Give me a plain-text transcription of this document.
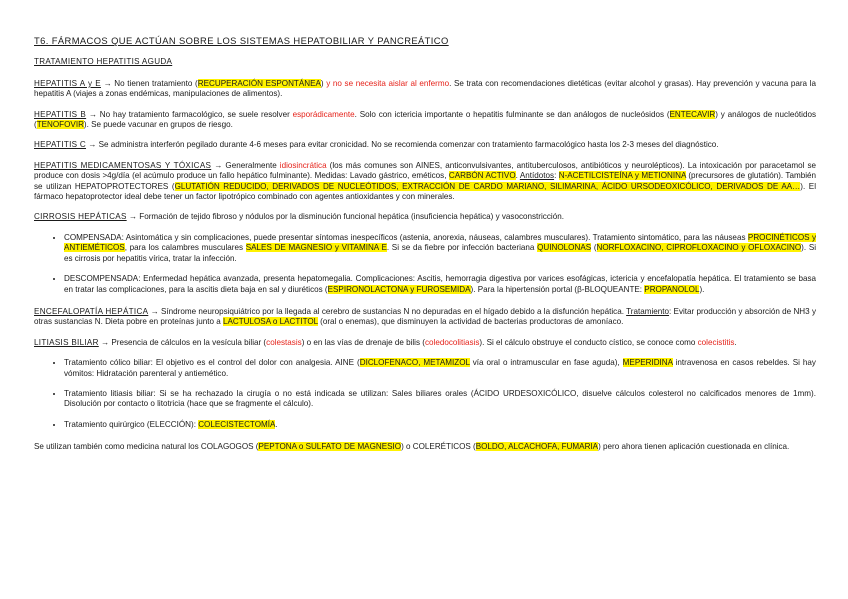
T6. FÁRMACOS QUE ACTÚAN SOBRE LOS SISTEMAS HEPATOBILIAR Y PANCREÁTICO
TRATAMIENTO HEPATITIS AGUDA

HEPATITIS A y E → No tienen tratamiento (RECUPERACIÓN ESPONTÁNEA) y no se necesita aislar al enfermo. Se trata con recomendaciones dietéticas (evitar alcohol y grasas). Hay prevención y vacuna para la hepatitis A (viajes a zonas endémicas, manipulaciones de alimentos).

HEPATITIS B → No hay tratamiento farmacológico, se suele resolver esporádicamente. Solo con ictericia importante o hepatitis fulminante se dan análogos de nucleósidos (ENTECAVIR) y análogos de nucleótidos (TENOFOVIR). Se puede vacunar en grupos de riesgo.

HEPATITIS C → Se administra interferón pegilado durante 4-6 meses para evitar cronicidad. No se recomienda comenzar con tratamiento farmacológico hasta los 2-3 meses del diagnóstico.

HEPATITIS MEDICAMENTOSAS Y TÓXICAS → Generalmente idiosincrática (los más comunes son AINES, anticonvulsivantes, antituberculosos, antibióticos y neurolépticos). La intoxicación por paracetamol se produce con dosis >4g/día (el acúmulo produce un fallo hepático fulminante). Medidas: Lavado gástrico, eméticos, CARBÓN ACTIVO. Antídotos: N-ACETILCISTEÍNA y METIONINA (precursores de glutatión). También se utilizan HEPATOPROTECTORES (GLUTATIÓN REDUCIDO, DERIVADOS DE NUCLEÓTIDOS, EXTRACCIÓN DE CARDO MARIANO, SILIMARINA, ÁCIDO URSODEOXICÓLICO, DERIVADOS DE AA…). El fármaco hepatoprotector ideal debe tener un factor lipotrópico combinado con agentes antioxidantes y con minerales.

CIRROSIS HEPÁTICAS → Formación de tejido fibroso y nódulos por la disminución funcional hepática (insuficiencia hepática) y vasoconstricción.

• COMPENSADA: Asintomática y sin complicaciones, puede presentar síntomas inespecíficos (astenia, anorexia, náuseas, calambres musculares). Tratamiento sintomático, para las náuseas PROCINÉTICOS y ANTIEMÉTICOS, para los calambres musculares SALES DE MAGNESIO y VITAMINA E. Si se da fiebre por infección bacteriana QUINOLONAS (NORFLOXACINO, CIPROFLOXACINO y OFLOXACINO). Si es cirrosis por hepatitis vírica, tratar la infección.
• DESCOMPENSADA: Enfermedad hepática avanzada, presenta hepatomegalia. Complicaciones: Ascitis, hemorragia digestiva por varices esofágicas, ictericia y encefalopatía hepática. El tratamiento se basa en tratar las complicaciones, para la ascitis dieta baja en sal y diuréticos (ESPIRONOLACTONA y FUROSEMIDA). Para la hipertensión portal (β-BLOQUEANTE: PROPANOLOL).

ENCEFALOPATÍA HEPÁTICA → Síndrome neuropsiquiátrico por la llegada al cerebro de sustancias N no depuradas en el hígado debido a la disfunción hepática. Tratamiento: Evitar producción y absorción de NH3 y otras sustancias N. Dieta pobre en proteínas junto a LACTULOSA o LACTITOL (oral o enemas), que disminuyen la actividad de bacterias productoras de amoníaco.

LITIASIS BILIAR → Presencia de cálculos en la vesícula biliar (colestasis) o en las vías de drenaje de bilis (coledocolitiasis). Si el cálculo obstruye el conducto cístico, se conoce como colecistitis.

• Tratamiento cólico biliar: El objetivo es el control del dolor con analgesia. AINE (DICLOFENACO, METAMIZOL vía oral o intramuscular en fase aguda), MEPERIDINA intravenosa en casos rebeldes. Si hay vómitos: Hidratación parenteral y antiemético.
• Tratamiento litiasis biliar: Si se ha rechazado la cirugía o no está indicada se utilizan: Sales biliares orales (ÁCIDO URDESOXICÓLICO, disuelve cálculos colesterol no calcificados menores de 1mm). Disolución por contacto o litotricia (hace que se fragmente el cálculo).
• Tratamiento quirúrgico (ELECCIÓN): COLECISTECTOMÍA.

Se utilizan también como medicina natural los COLAGOGOS (PEPTONA o SULFATO DE MAGNESIO) o COLERÉTICOS (BOLDO, ALCACHOFA, FUMARIA) pero ahora tienen aplicación cuestionada en clínica.
